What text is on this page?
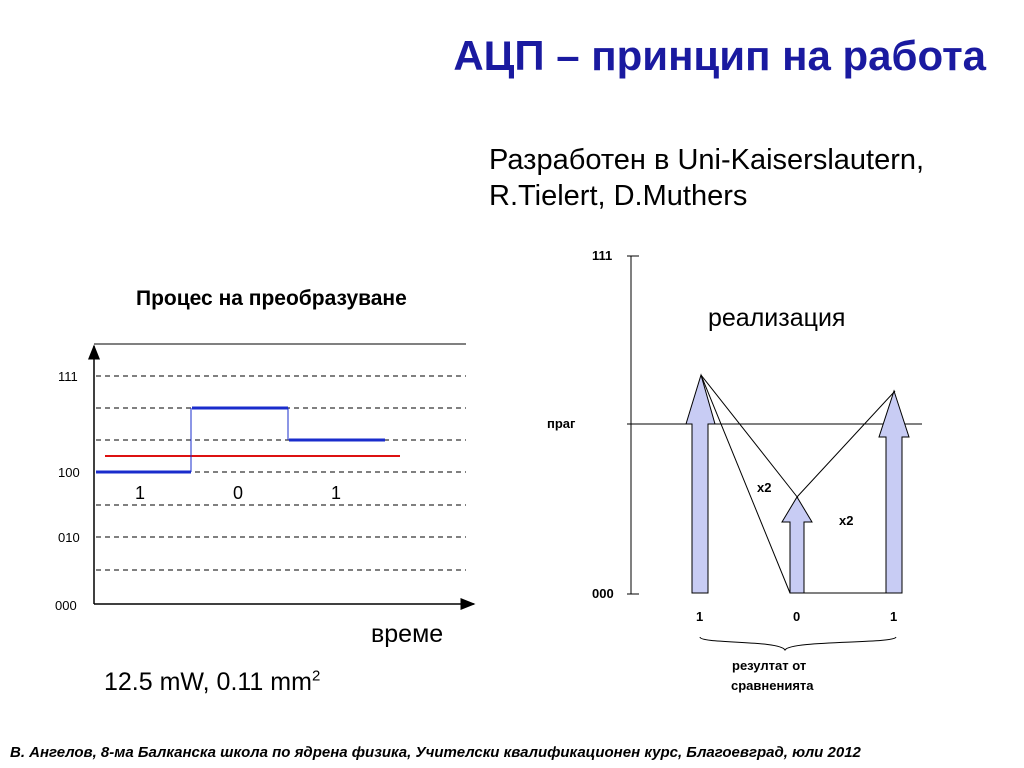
АЦП – принцип на работа
Разработен в Uni-Kaiserslautern,
R.Tielert, D.Muthers
Процес на преобразуване
реализация
време
12.5 mW, 0.11 $mm^2$
В. Ангелов, 8-ма Балканска школа по ядрена физика, Учителски квалификационен курс, Благоевград, юли 2012
111
100
010
000
1	0	1
111
000
праг
x2
x2
1	0	1
резултат от
сравненията
